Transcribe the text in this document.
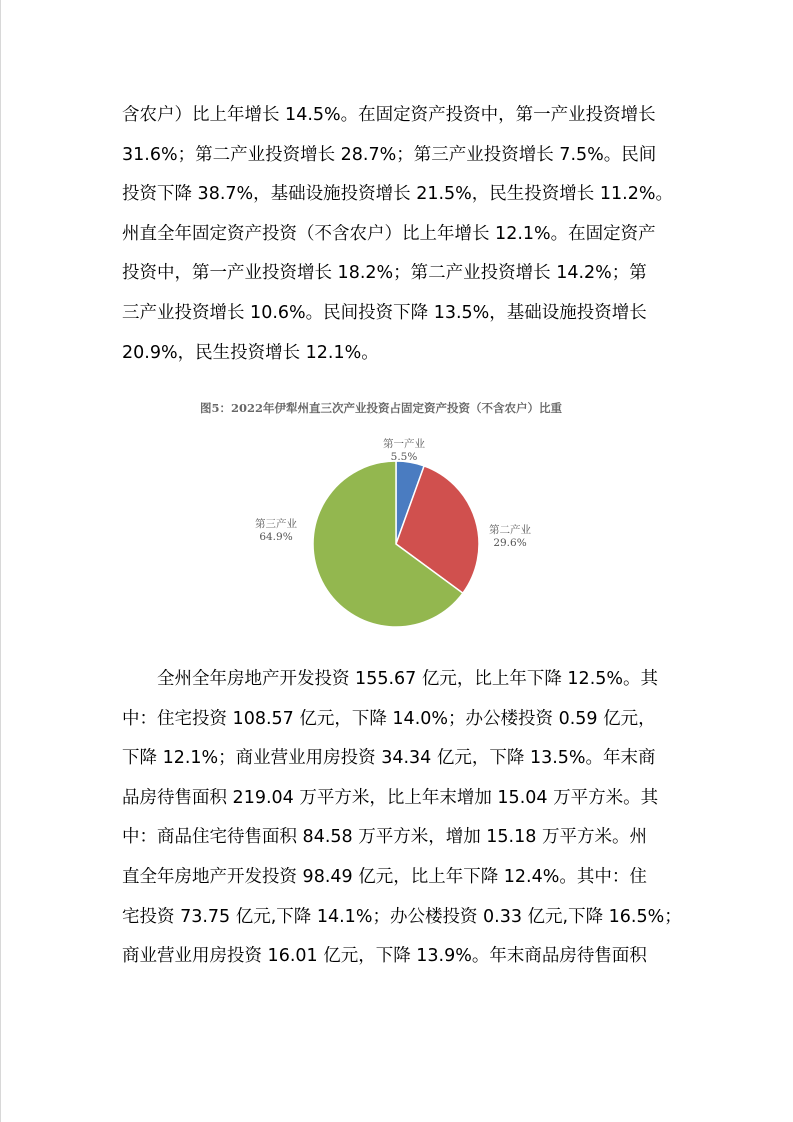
含农户）比上年增长 14.5%。在固定资产投资中，第一产业投资增长
31.6%；第二产业投资增长 28.7%；第三产业投资增长 7.5%。民间
投资下降 38.7%，基础设施投资增长 21.5%，民生投资增长 11.2%。
州直全年固定资产投资（不含农户）比上年增长 12.1%。在固定资产
投资中，第一产业投资增长 18.2%；第二产业投资增长 14.2%；第
三产业投资增长 10.6%。民间投资下降 13.5%，基础设施投资增长
20.9%，民生投资增长 12.1%。
图5：2022年伊犁州直三次产业投资占固定资产投资（不含农户）比重
第一产业
5.5%
第二产业
29.6%
第三产业
64.9%
全州全年房地产开发投资 155.67 亿元，比上年下降 12.5%。其
中：住宅投资 108.57 亿元，下降 14.0%；办公楼投资 0.59 亿元，
下降 12.1%；商业营业用房投资 34.34 亿元，下降 13.5%。年末商
品房待售面积 219.04 万平方米，比上年末增加 15.04 万平方米。其
中：商品住宅待售面积 84.58 万平方米，增加 15.18 万平方米。州
直全年房地产开发投资 98.49 亿元，比上年下降 12.4%。其中：住
宅投资 73.75 亿元,下降 14.1%；办公楼投资 0.33 亿元,下降 16.5%；
商业营业用房投资 16.01 亿元，下降 13.9%。年末商品房待售面积
